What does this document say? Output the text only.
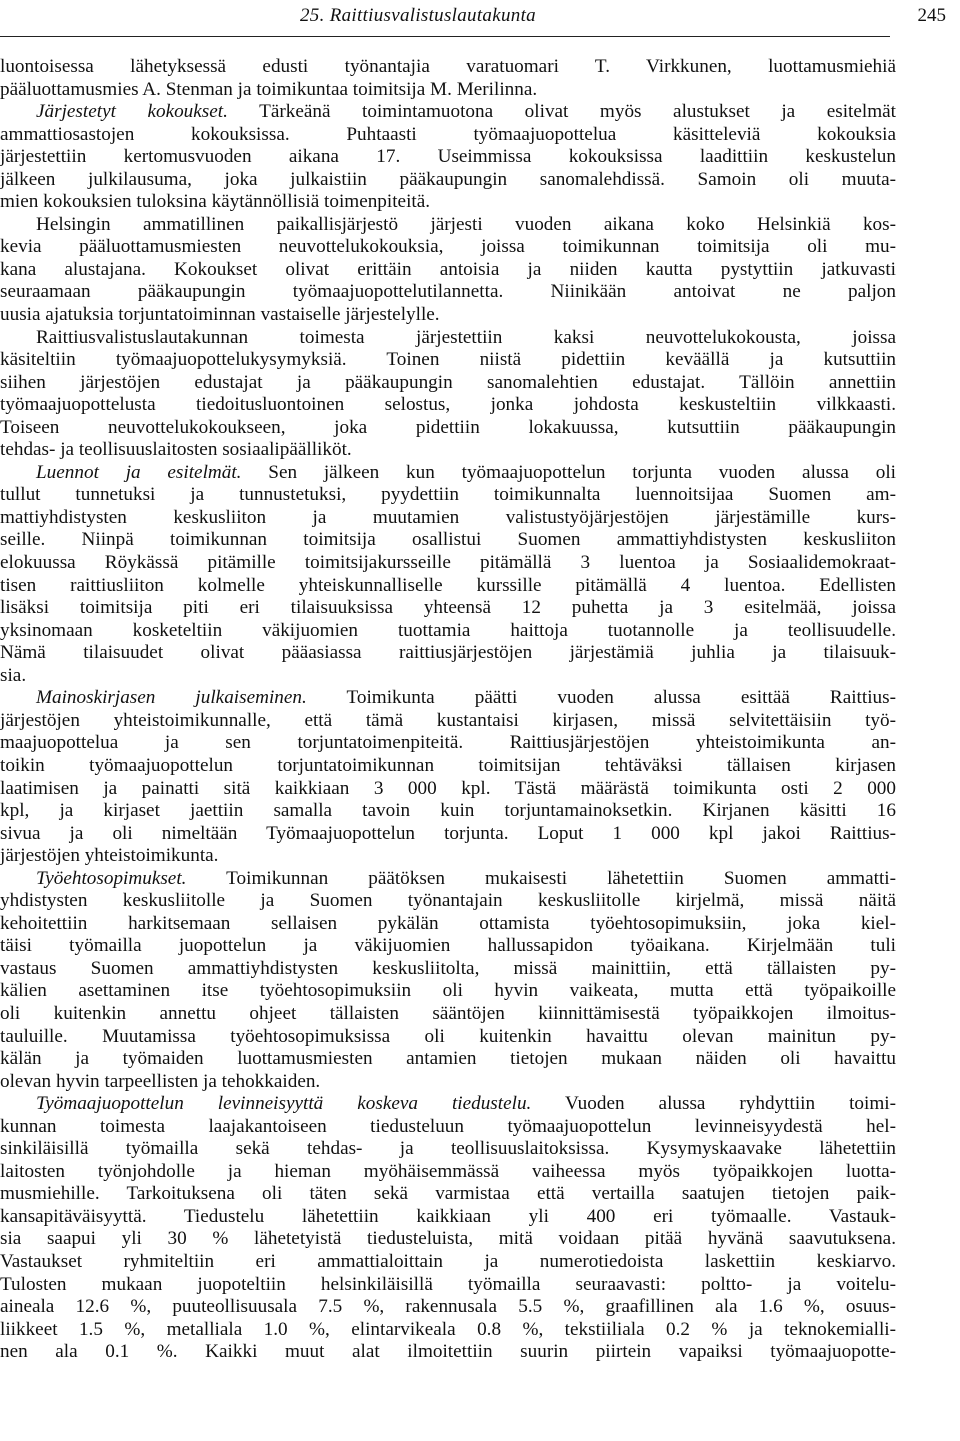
25. Raittiusvalistuslautakunta	245
luontoisessa lähetyksessä edusti työnantajia varatuomari T. Virkkunen, luottamusmiehiä
pääluottamusmies A. Stenman ja toimikuntaa toimitsija M. Merilinna.
Järjestetyt kokoukset. Tärkeänä toimintamuotona olivat myös alustukset ja esitelmät
ammattiosastojen kokouksissa. Puhtaasti työmaajuopottelua käsitteleviä kokouksia
järjestettiin kertomusvuoden aikana 17. Useimmissa kokouksissa laadittiin keskustelun
jälkeen julkilausuma, joka julkaistiin pääkaupungin sanomalehdissä. Samoin oli muuta-
mien kokouksien tuloksina käytännöllisiä toimenpiteitä.
Helsingin ammatillinen paikallisjärjestö järjesti vuoden aikana koko Helsinkiä kos-
kevia pääluottamusmiesten neuvottelukokouksia, joissa toimikunnan toimitsija oli mu-
kana alustajana. Kokoukset olivat erittäin antoisia ja niiden kautta pystyttiin jatkuvasti
seuraamaan pääkaupungin työmaajuopottelutilannetta. Niinikään antoivat ne paljon
uusia ajatuksia torjuntatoiminnan vastaiselle järjestelylle.
Raittiusvalistuslautakunnan toimesta järjestettiin kaksi neuvottelukokousta, joissa
käsiteltiin työmaajuopottelukysymyksiä. Toinen niistä pidettiin keväällä ja kutsuttiin
siihen järjestöjen edustajat ja pääkaupungin sanomalehtien edustajat. Tällöin annettiin
työmaajuopottelusta tiedoitusluontoinen selostus, jonka johdosta keskusteltiin vilkkaasti.
Toiseen neuvottelukokoukseen, joka pidettiin lokakuussa, kutsuttiin pääkaupungin
tehdas- ja teollisuuslaitosten sosiaalipäälliköt.
Luennot ja esitelmät. Sen jälkeen kun työmaajuopottelun torjunta vuoden alussa oli
tullut tunnetuksi ja tunnustetuksi, pyydettiin toimikunnalta luennoitsijaa Suomen am-
mattiyhdistysten keskusliiton ja muutamien valistustyöjärjestöjen järjestämille kurs-
seille. Niinpä toimikunnan toimitsija osallistui Suomen ammattiyhdistysten keskusliiton
elokuussa Röykässä pitämille toimitsijakursseille pitämällä 3 luentoa ja Sosiaalidemokraat-
tisen raittiusliiton kolmelle yhteiskunnalliselle kurssille pitämällä 4 luentoa. Edellisten
lisäksi toimitsija piti eri tilaisuuksissa yhteensä 12 puhetta ja 3 esitelmää, joissa
yksinomaan kosketeltiin väkijuomien tuottamia haittoja tuotannolle ja teollisuudelle.
Nämä tilaisuudet olivat pääasiassa raittiusjärjestöjen järjestämiä juhlia ja tilaisuuk-
sia.
Mainoskirjasen julkaiseminen. Toimikunta päätti vuoden alussa esittää Raittius-
järjestöjen yhteistoimikunnalle, että tämä kustantaisi kirjasen, missä selvitettäisiin työ-
maajuopottelua ja sen torjuntatoimenpiteitä. Raittiusjärjestöjen yhteistoimikunta an-
toikin työmaajuopottelun torjuntatoimikunnan toimitsijan tehtäväksi tällaisen kirjasen
laatimisen ja painatti sitä kaikkiaan 3 000 kpl. Tästä määrästä toimikunta osti 2 000
kpl, ja kirjaset jaettiin samalla tavoin kuin torjuntamainoksetkin. Kirjanen käsitti 16
sivua ja oli nimeltään Työmaajuopottelun torjunta. Loput 1 000 kpl jakoi Raittius-
järjestöjen yhteistoimikunta.
Työehtosopimukset. Toimikunnan päätöksen mukaisesti lähetettiin Suomen ammatti-
yhdistysten keskusliitolle ja Suomen työnantajain keskusliitolle kirjelmä, missä näitä
kehoitettiin harkitsemaan sellaisen pykälän ottamista työehtosopimuksiin, joka kiel-
täisi työmailla juopottelun ja väkijuomien hallussapidon työaikana. Kirjelmään tuli
vastaus Suomen ammattiyhdistysten keskusliitolta, missä mainittiin, että tällaisten py-
kälien asettaminen itse työehtosopimuksiin oli hyvin vaikeata, mutta että työpaikoille
oli kuitenkin annettu ohjeet tällaisten sääntöjen kiinnittämisestä työpaikkojen ilmoitus-
tauluille. Muutamissa työehtosopimuksissa oli kuitenkin havaittu olevan mainitun py-
kälän ja työmaiden luottamusmiesten antamien tietojen mukaan näiden oli havaittu
olevan hyvin tarpeellisten ja tehokkaiden.
Työmaajuopottelun levinneisyyttä koskeva tiedustelu. Vuoden alussa ryhdyttiin toimi-
kunnan toimesta laajakantoiseen tiedusteluun työmaajuopottelun levinneisyydestä hel-
sinkiläisillä työmailla sekä tehdas- ja teollisuuslaitoksissa. Kysymyskaavake lähetettiin
laitosten työnjohdolle ja hieman myöhäisemmässä vaiheessa myös työpaikkojen luotta-
musmiehille. Tarkoituksena oli täten sekä varmistaa että vertailla saatujen tietojen paik-
kansapitäväisyyttä. Tiedustelu lähetettiin kaikkiaan yli 400 eri työmaalle. Vastauk-
sia saapui yli 30 % lähetetyistä tiedusteluista, mitä voidaan pitää hyvänä saavutuksena.
Vastaukset ryhmiteltiin eri ammattialoittain ja numerotiedoista laskettiin keskiarvo.
Tulosten mukaan juopoteltiin helsinkiläisillä työmailla seuraavasti: poltto- ja voitelu-
aineala 12.6 %, puuteollisuusala 7.5 %, rakennusala 5.5 %, graafillinen ala 1.6 %, osuus-
liikkeet 1.5 %, metalliala 1.0 %, elintarvikeala 0.8 %, tekstiiliala 0.2 % ja teknokemialli-
nen ala 0.1 %. Kaikki muut alat ilmoitettiin suurin piirtein vapaiksi työmaajuopotte-
